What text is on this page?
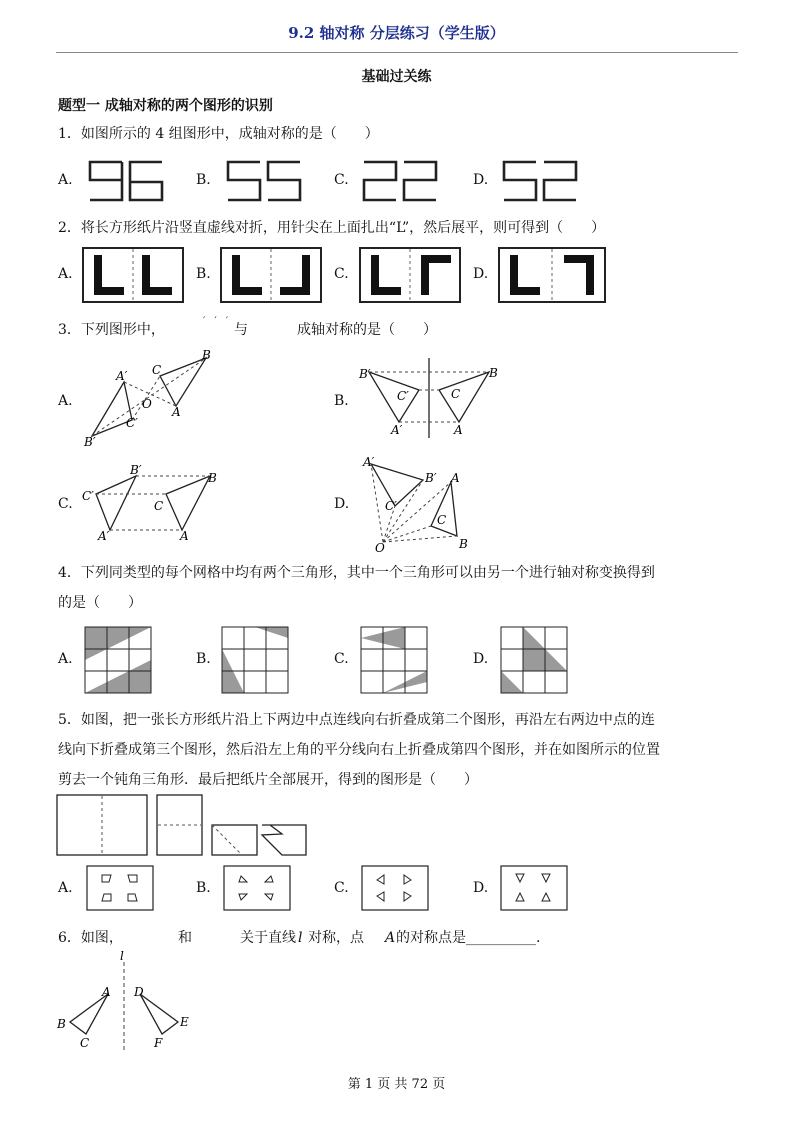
9.2 轴对称 分层练习（学生版）
基础过关练
题型一 成轴对称的两个图形的识别
1．如图所示的 4 组图形中，成轴对称的是（　　）
A.	B.	C.	D.
2．将长方形纸片沿竖直虚线对折，用针尖在上面扎出“L”，然后展平，则可得到（　　）
A.	B.	C.	D.
3．下列图形中，
′ ′ ′
与	成轴对称的是（　　）
A.
B
A′ C
O
C′
A
B′
B.
B′	B
C′	C
A′	A
C.
B′
B
C′
C
A′	A
D.
A′
B′ A
C′
C
O	B
4．下列同类型的每个网格中均有两个三角形，其中一个三角形可以由另一个进行轴对称变换得到
的是（　　）
A.	B.	C.	D.
5．如图，把一张长方形纸片沿上下两边中点连线向右折叠成第二个图形，再沿左右两边中点的连
线向下折叠成第三个图形，然后沿左上角的平分线向右上折叠成第四个图形，并在如图所示的位置
剪去一个钝角三角形．最后把纸片全部展开，得到的图形是（　　）
A.	B.	C.	D.
6．如图，	和	关于直线 l 对称，点 A 的对称点是__________.
l
A D
B	E
C	F
第 1 页 共 72 页
